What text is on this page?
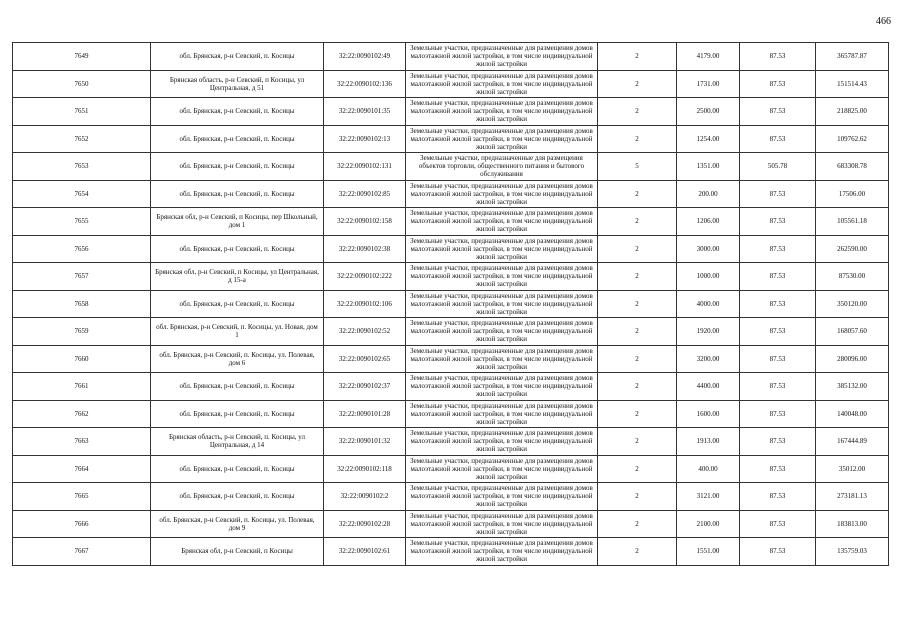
466
7649	обл. Брянская, р-н Севский, п. Косицы	32:22:0090102:49	Земельные участки, предназначенные для размещения домов малоэтажной жилой застройки, в том числе индивидуальной жилой застройки	2	4179.00	87.53	365787.87
7650	Брянская область, р-н Севский, п Косицы, ул Центральная, д 51	32:22:0090102:136	Земельные участки, предназначенные для размещения домов малоэтажной жилой застройки, в том числе индивидуальной жилой застройки	2	1731.00	87.53	151514.43
7651	обл. Брянская, р-н Севский, п. Косицы	32:22:0090101:35	Земельные участки, предназначенные для размещения домов малоэтажной жилой застройки, в том числе индивидуальной жилой застройки	2	2500.00	87.53	218825.00
7652	обл. Брянская, р-н Севский, п. Косицы	32:22:0090102:13	Земельные участки, предназначенные для размещения домов малоэтажной жилой застройки, в том числе индивидуальной жилой застройки	2	1254.00	87.53	109762.62
7653	обл. Брянская, р-н Севский, п. Косицы	32:22:0090102:131	Земельные участки, предназначенные для размещения объектов торговли, общественного питания и бытового обслуживания	5	1351.00	505.78	683308.78
7654	обл. Брянская, р-н Севский, п. Косицы	32:22:0090102:85	Земельные участки, предназначенные для размещения домов малоэтажной жилой застройки, в том числе индивидуальной жилой застройки	2	200.00	87.53	17506.00
7655	Брянская обл, р-н Севский, п Косицы, пер Школьный, дом 1	32:22:0090102:158	Земельные участки, предназначенные для размещения домов малоэтажной жилой застройки, в том числе индивидуальной жилой застройки	2	1206.00	87.53	105561.18
7656	обл. Брянская, р-н Севский, п. Косицы	32:22:0090102:38	Земельные участки, предназначенные для размещения домов малоэтажной жилой застройки, в том числе индивидуальной жилой застройки	2	3000.00	87.53	262590.00
7657	Брянская обл, р-н Севский, п Косицы, ул Центральная, д 15-а	32:22:0090102:222	Земельные участки, предназначенные для размещения домов малоэтажной жилой застройки, в том числе индивидуальной жилой застройки	2	1000.00	87.53	87530.00
7658	обл. Брянская, р-н Севский, п. Косицы	32:22:0090102:106	Земельные участки, предназначенные для размещения домов малоэтажной жилой застройки, в том числе индивидуальной жилой застройки	2	4000.00	87.53	350120.00
7659	обл. Брянская, р-н Севский, п. Косицы, ул. Новая, дом 1	32:22:0090102:52	Земельные участки, предназначенные для размещения домов малоэтажной жилой застройки, в том числе индивидуальной жилой застройки	2	1920.00	87.53	168057.60
7660	обл. Брянская, р-н Севский, п. Косицы, ул. Полевая, дом 6	32:22:0090102:65	Земельные участки, предназначенные для размещения домов малоэтажной жилой застройки, в том числе индивидуальной жилой застройки	2	3200.00	87.53	280096.00
7661	обл. Брянская, р-н Севский, п. Косицы	32:22:0090102:37	Земельные участки, предназначенные для размещения домов малоэтажной жилой застройки, в том числе индивидуальной жилой застройки	2	4400.00	87.53	385132.00
7662	обл. Брянская, р-н Севский, п. Косицы	32:22:0090101:28	Земельные участки, предназначенные для размещения домов малоэтажной жилой застройки, в том числе индивидуальной жилой застройки	2	1600.00	87.53	140048.00
7663	Брянская область, р-н Севский, п. Косицы, ул Центральная, д 14	32:22:0090101:32	Земельные участки, предназначенные для размещения домов малоэтажной жилой застройки, в том числе индивидуальной жилой застройки	2	1913.00	87.53	167444.89
7664	обл. Брянская, р-н Севский, п. Косицы	32:22:0090102:118	Земельные участки, предназначенные для размещения домов малоэтажной жилой застройки, в том числе индивидуальной жилой застройки	2	400.00	87.53	35012.00
7665	обл. Брянская, р-н Севский, п. Косицы	32:22:0090102:2	Земельные участки, предназначенные для размещения домов малоэтажной жилой застройки, в том числе индивидуальной жилой застройки	2	3121.00	87.53	273181.13
7666	обл. Брянская, р-н Севский, п. Косицы, ул. Полевая, дом 9	32:22:0090102:28	Земельные участки, предназначенные для размещения домов малоэтажной жилой застройки, в том числе индивидуальной жилой застройки	2	2100.00	87.53	183813.00
7667	Брянская обл, р-н Севский, п Косицы	32:22:0090102:61	Земельные участки, предназначенные для размещения домов малоэтажной жилой застройки, в том числе индивидуальной жилой застройки	2	1551.00	87.53	135759.03
